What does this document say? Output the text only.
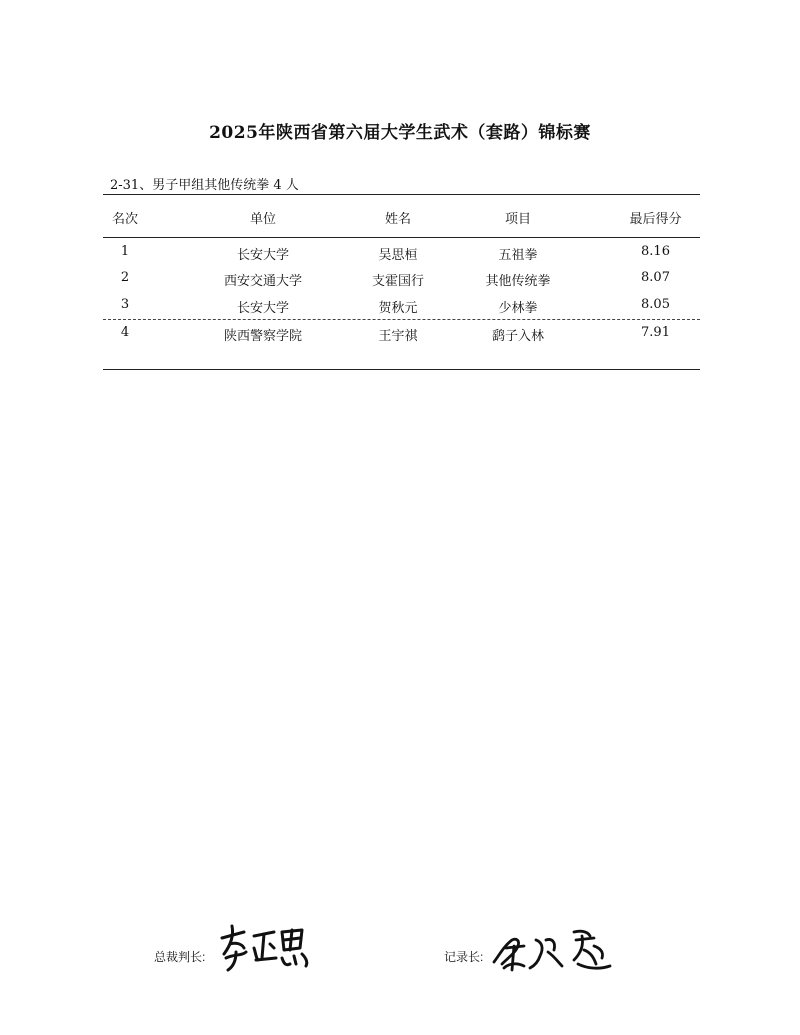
2025年陕西省第六届大学生武术（套路）锦标赛
2-31、男子甲组其他传统拳 4 人
名次	单位	姓名	项目	最后得分
1	长安大学	吴思桓	五祖拳	8.16
2	西安交通大学	支霍国行	其他传统拳	8.07
3	长安大学	贺秋元	少林拳	8.05
4	陕西警察学院	王宇祺	鹞子入林	7.91
总裁判长:	记录长:
